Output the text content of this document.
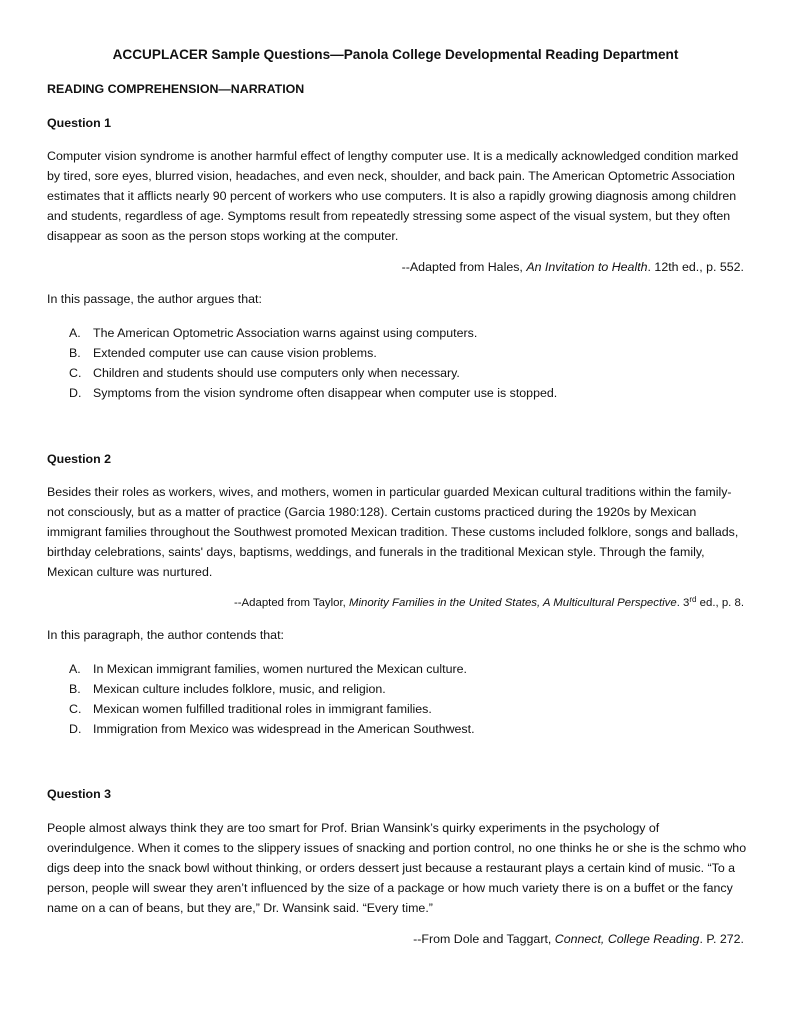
ACCUPLACER Sample Questions—Panola College Developmental Reading Department
READING COMPREHENSION—NARRATION
Question 1
Computer vision syndrome is another harmful effect of lengthy computer use. It is a medically acknowledged condition marked by tired, sore eyes, blurred vision, headaches, and even neck, shoulder, and back pain. The American Optometric Association estimates that it afflicts nearly 90 percent of workers who use computers. It is also a rapidly growing diagnosis among children and students, regardless of age. Symptoms result from repeatedly stressing some aspect of the visual system, but they often disappear as soon as the person stops working at the computer.
--Adapted from Hales, An Invitation to Health. 12th ed., p. 552.
In this passage, the author argues that:
A. The American Optometric Association warns against using computers.
B. Extended computer use can cause vision problems.
C. Children and students should use computers only when necessary.
D. Symptoms from the vision syndrome often disappear when computer use is stopped.
Question 2
Besides their roles as workers, wives, and mothers, women in particular guarded Mexican cultural traditions within the family-not consciously, but as a matter of practice (Garcia 1980:128). Certain customs practiced during the 1920s by Mexican immigrant families throughout the Southwest promoted Mexican tradition. These customs included folklore, songs and ballads, birthday celebrations, saints' days, baptisms, weddings, and funerals in the traditional Mexican style. Through the family, Mexican culture was nurtured.
--Adapted from Taylor, Minority Families in the United States, A Multicultural Perspective. 3rd ed., p. 8.
In this paragraph, the author contends that:
A. In Mexican immigrant families, women nurtured the Mexican culture.
B. Mexican culture includes folklore, music, and religion.
C. Mexican women fulfilled traditional roles in immigrant families.
D. Immigration from Mexico was widespread in the American Southwest.
Question 3
People almost always think they are too smart for Prof. Brian Wansink’s quirky experiments in the psychology of overindulgence. When it comes to the slippery issues of snacking and portion control, no one thinks he or she is the schmo who digs deep into the snack bowl without thinking, or orders dessert just because a restaurant plays a certain kind of music. “To a person, people will swear they aren’t influenced by the size of a package or how much variety there is on a buffet or the fancy name on a can of beans, but they are,” Dr. Wansink said. “Every time.”
--From Dole and Taggart, Connect, College Reading. P. 272.
